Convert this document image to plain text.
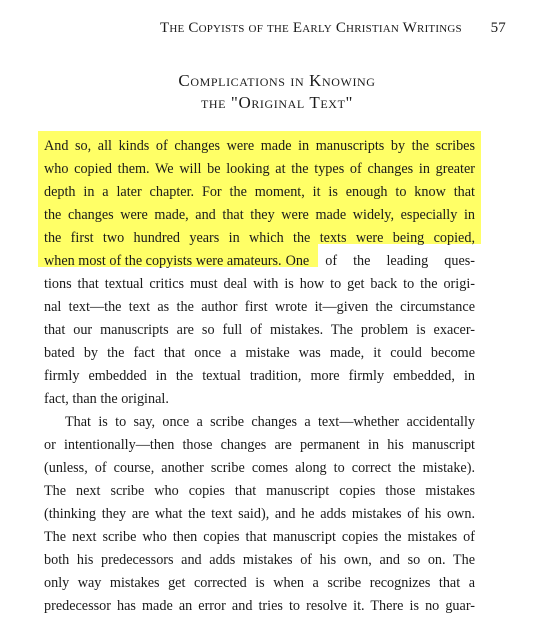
The Copyists of the Early Christian Writings 57
Complications in Knowing
the "Original Text"
And so, all kinds of changes were made in manuscripts by the scribes
who copied them. We will be looking at the types of changes in greater
depth in a later chapter. For the moment, it is enough to know that
the changes were made, and that they were made widely, especially in
the first two hundred years in which the texts were being copied,
when most of the copyists were amateurs. One of the leading ques-
tions that textual critics must deal with is how to get back to the origi-
nal text—the text as the author first wrote it—given the circumstance
that our manuscripts are so full of mistakes. The problem is exacer-
bated by the fact that once a mistake was made, it could become
firmly embedded in the textual tradition, more firmly embedded, in
fact, than the original.
That is to say, once a scribe changes a text—whether accidentally
or intentionally—then those changes are permanent in his manuscript
(unless, of course, another scribe comes along to correct the mistake).
The next scribe who copies that manuscript copies those mistakes
(thinking they are what the text said), and he adds mistakes of his own.
The next scribe who then copies that manuscript copies the mistakes of
both his predecessors and adds mistakes of his own, and so on. The
only way mistakes get corrected is when a scribe recognizes that a
predecessor has made an error and tries to resolve it. There is no guar-
